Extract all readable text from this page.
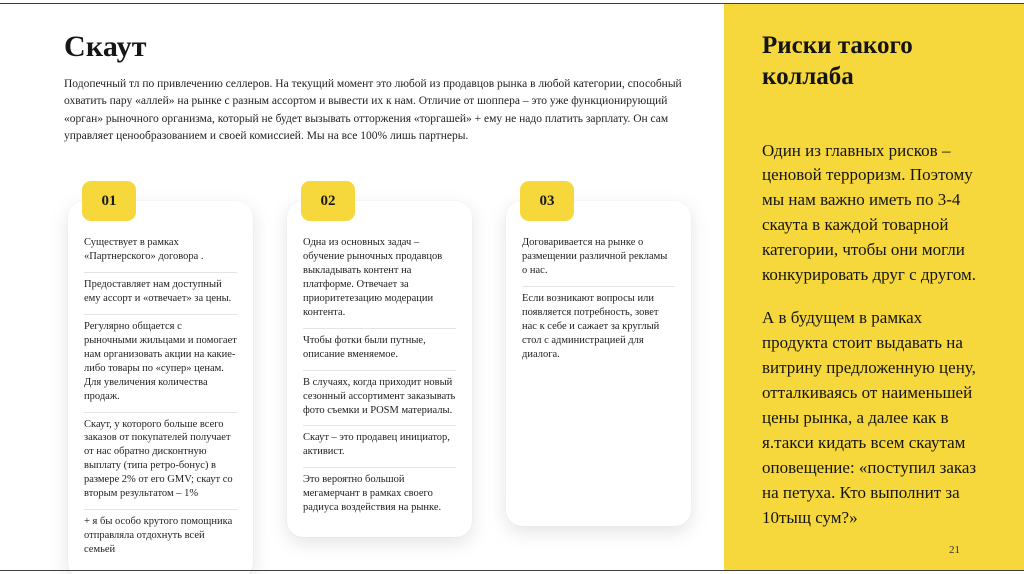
Скаут

Подопечный тл по привлечению селлеров. На текущий момент это любой из продавцов рынка в любой категории, способный охватить пару «аллей» на рынке с разным ассортом и вывести их к нам. Отличие от шоппера – это уже функционирующий «орган» рыночного организма, который не будет вызывать отторжения «торгашей» + ему не надо платить зарплату. Он сам управляет ценообразованием и своей комиссией. Мы на все 100% лишь партнеры.

01
Существует в рамках «Партнерского» договора .
Предоставляет нам доступный ему ассорт и «отвечает» за цены.
Регулярно общается с рыночными жильцами и помогает нам организовать акции на какие-либо товары по «супер» ценам. Для увеличения количества продаж.
Скаут, у которого больше всего заказов от покупателей получает от нас обратно дисконтную выплату (типа ретро-бонус) в размере 2% от его GMV; скаут со вторым результатом – 1%
+ я бы особо крутого помощника отправляла отдохнуть всей семьей
02
Одна из основных задач – обучение рыночных продавцов выкладывать контент на платформе. Отвечает за приоритетезацию модерации контента.
Чтобы фотки были путные, описание вменяемое.
В случаях, когда приходит новый сезонный ассортимент заказывать фото съемки и POSM материалы.
Скаут – это продавец инициатор, активист.
Это вероятно большой мегамерчант в рамках своего радиуса воздействия на рынке.
03
Договаривается на рынке о размещении различной рекламы о нас.
Если возникают вопросы или появляется потребность, зовет нас к себе и сажает за круглый стол с администрацией для диалога.
Риски такого коллаба

Один из главных рисков – ценовой терроризм. Поэтому мы нам важно иметь по 3-4 скаута в каждой товарной категории, чтобы они могли конкурировать друг с другом.

А в будущем в рамках продукта стоит выдавать на витрину предложенную цену, отталкиваясь от наименьшей цены рынка, а далее как в я.такси кидать всем скаутам оповещение: «поступил заказ на петуха. Кто выполнит за 10тыщ сум?»

21
